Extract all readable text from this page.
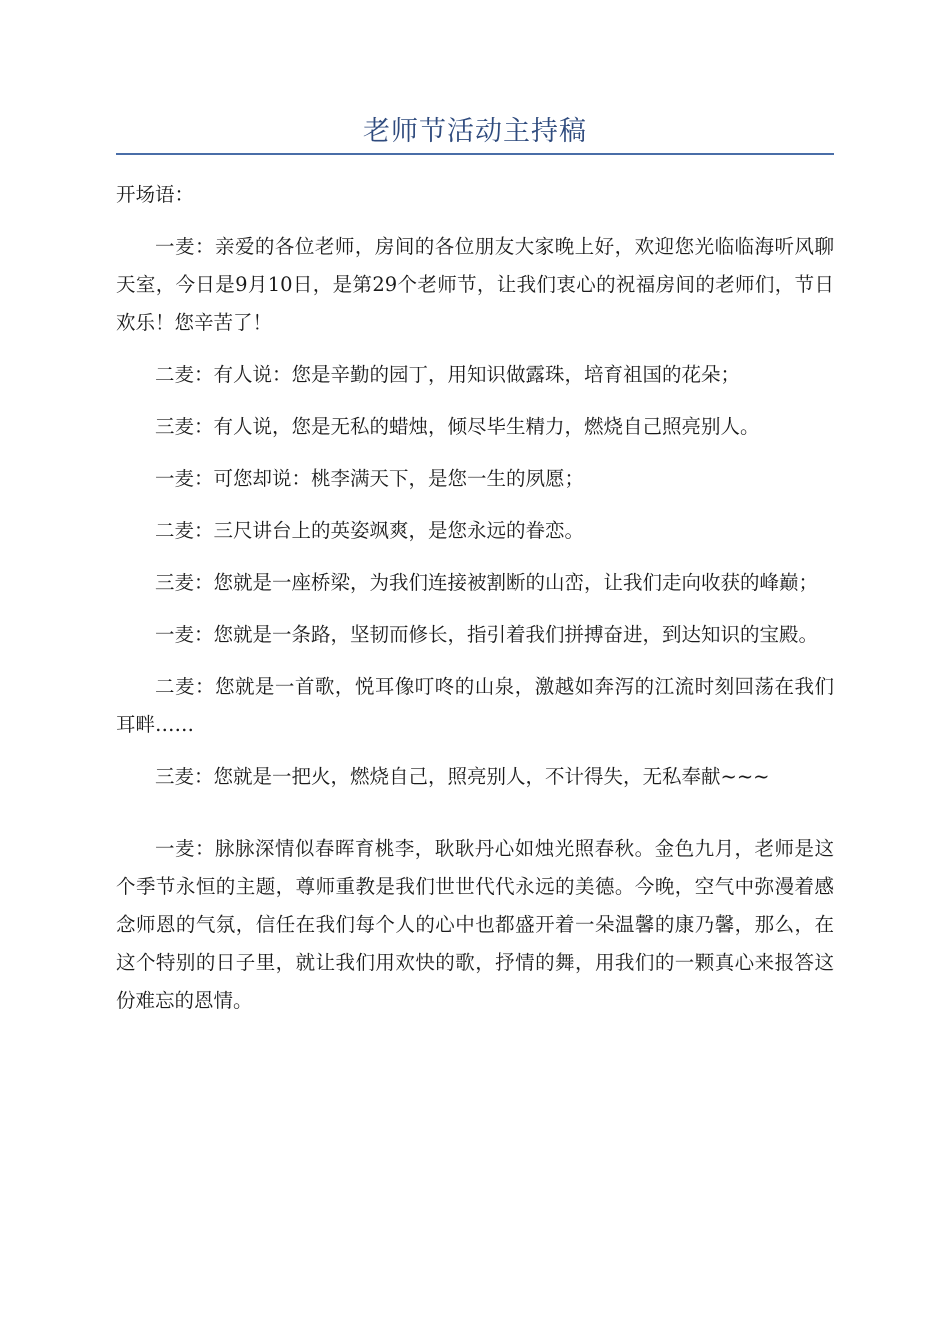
老师节活动主持稿

开场语：

一麦：亲爱的各位老师，房间的各位朋友大家晚上好，欢迎您光临临海听风聊天室，今日是9月10日，是第29个老师节，让我们衷心的祝福房间的老师们，节日欢乐！您辛苦了！

二麦：有人说：您是辛勤的园丁，用知识做露珠，培育祖国的花朵；

三麦：有人说，您是无私的蜡烛，倾尽毕生精力，燃烧自己照亮别人。

一麦：可您却说：桃李满天下，是您一生的夙愿；

二麦：三尺讲台上的英姿飒爽，是您永远的眷恋。

三麦：您就是一座桥梁，为我们连接被割断的山峦，让我们走向收获的峰巅；

一麦：您就是一条路，坚韧而修长，指引着我们拼搏奋进，到达知识的宝殿。

二麦：您就是一首歌，悦耳像叮咚的山泉，激越如奔泻的江流时刻回荡在我们耳畔……

三麦：您就是一把火，燃烧自己，照亮别人，不计得失，无私奉献~~~

一麦：脉脉深情似春晖育桃李，耿耿丹心如烛光照春秋。金色九月，老师是这个季节永恒的主题，尊师重教是我们世世代代永远的美德。今晚，空气中弥漫着感念师恩的气氛，信任在我们每个人的心中也都盛开着一朵温馨的康乃馨，那么，在这个特别的日子里，就让我们用欢快的歌，抒情的舞，用我们的一颗真心来报答这份难忘的恩情。
